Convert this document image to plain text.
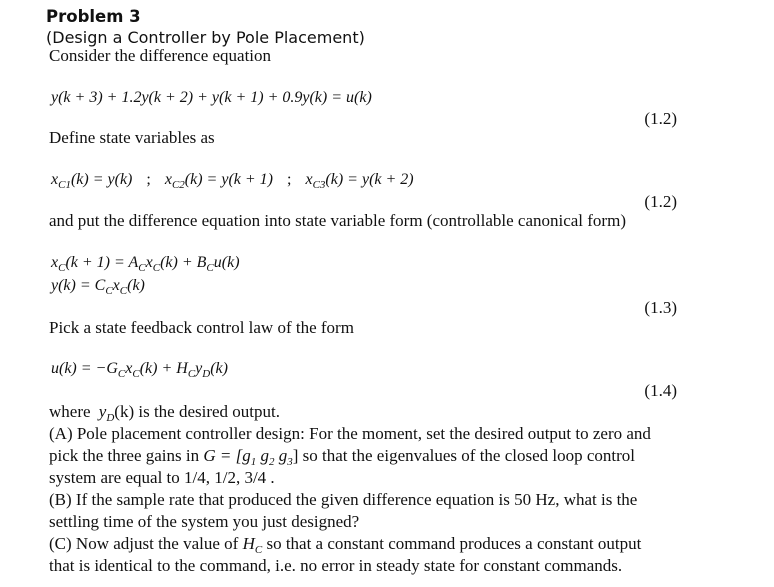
Problem 3
(Design a Controller by Pole Placement)
Consider the difference equation
y(k + 3) + 1.2y(k + 2) + y(k + 1) + 0.9y(k) = u(k)
(1.2)
Define state variables as
$x_{C1}(k) = y(k)$ ; $x_{C2}(k) = y(k + 1)$ ; $x_{C3}(k) = y(k + 2)$
(1.2)
and put the difference equation into state variable form (controllable canonical form)
$x_C(k + 1) = A_Cx_C(k) + B_Cu(k)$
$y(k) = C_Cx_C(k)$
(1.3)
Pick a state feedback control law of the form
$u(k) = -G_Cx_C(k) + H_Cy_D(k)$
(1.4)
where $y_D(k)$ is the desired output.
(A) Pole placement controller design: For the moment, set the desired output to zero and
pick the three gains in $G = [g_1$ $g_2$ $g_3$] so that the eigenvalues of the closed loop control
system are equal to 1/4, 1/2, 3/4 .
(B) If the sample rate that produced the given difference equation is 50 Hz, what is the
settling time of the system you just designed?
(C) Now adjust the value of $H_C$ so that a constant command produces a constant output
that is identical to the command, i.e. no error in steady state for constant commands.
